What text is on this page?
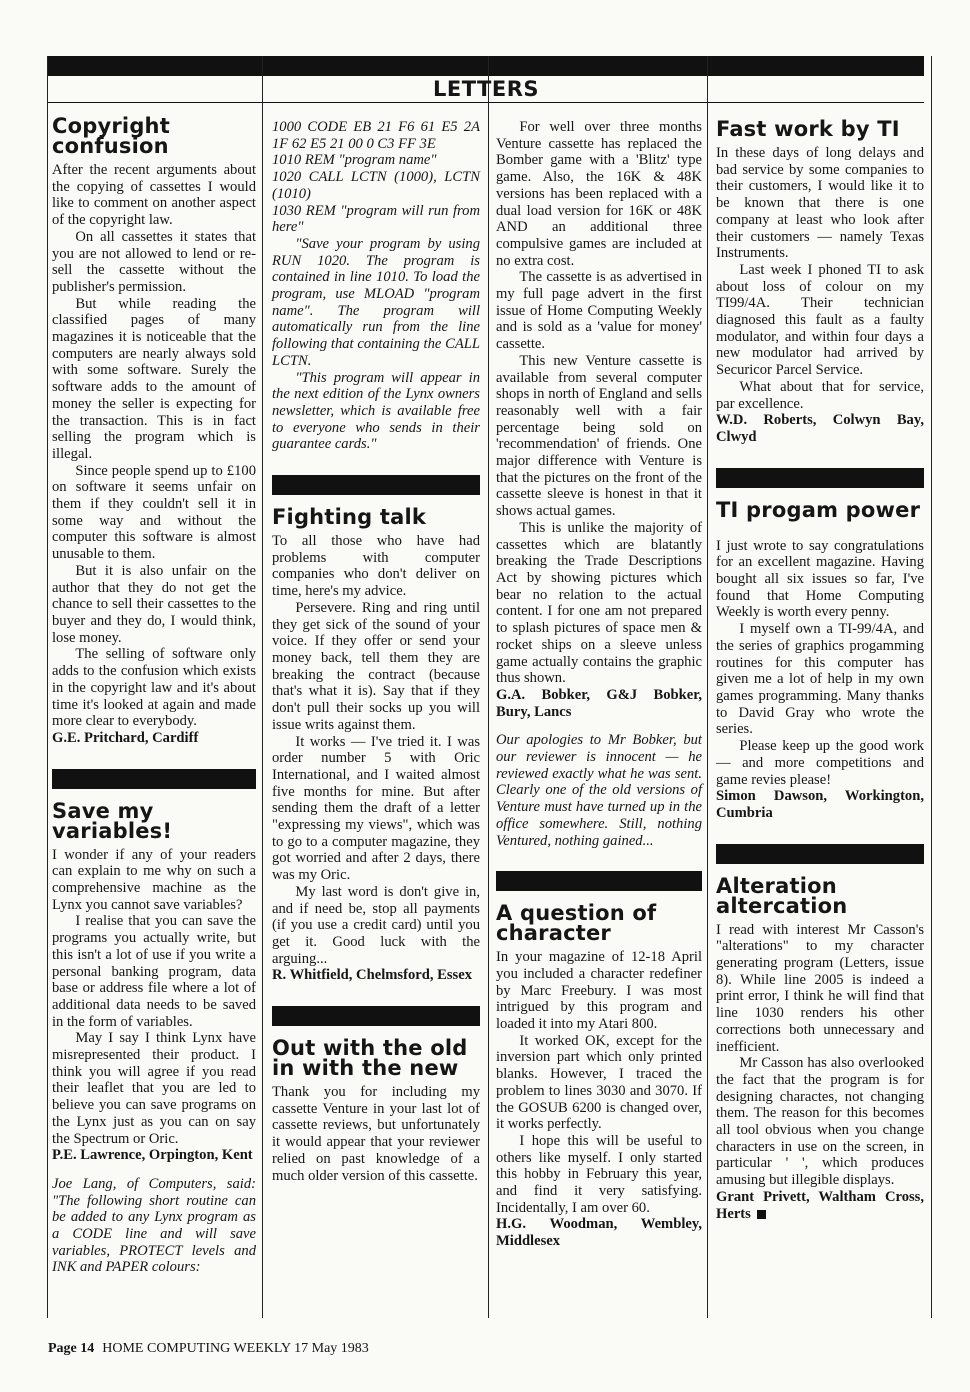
LETTERS
Copyright confusion

After the recent arguments about the copying of cassettes I would like to comment on another aspect of the copyright law.

On all cassettes it states that you are not allowed to lend or re-sell the cassette without the publisher's permission.

But while reading the classified pages of many magazines it is noticeable that the computers are nearly always sold with some software. Surely the software adds to the amount of money the seller is expecting for the transaction. This is in fact selling the program which is illegal.

Since people spend up to £100 on software it seems unfair on them if they couldn't sell it in some way and without the computer this software is almost unusable to them.

But it is also unfair on the author that they do not get the chance to sell their cassettes to the buyer and they do, I would think, lose money.

The selling of software only adds to the confusion which exists in the copyright law and it's about time it's looked at again and made more clear to everybody.

G.E. Pritchard, Cardiff

Save my variables!

I wonder if any of your readers can explain to me why on such a comprehensive machine as the Lynx you cannot save variables?

I realise that you can save the programs you actually write, but this isn't a lot of use if you write a personal banking program, data base or address file where a lot of additional data needs to be saved in the form of variables.

May I say I think Lynx have misrepresented their product. I think you will agree if you read their leaflet that you are led to believe you can save programs on the Lynx just as you can on say the Spectrum or Oric.

P.E. Lawrence, Orpington, Kent

Joe Lang, of Computers, said: "The following short routine can be added to any Lynx program as a CODE line and will save variables, PROTECT levels and INK and PAPER colours:

1000 CODE EB 21 F6 61 E5 2A 1F 62 E5 21 00 0 C3 FF 3E

1010 REM "program name"

1020 CALL LCTN (1000), LCTN (1010)

1030 REM "program will run from here"

"Save your program by using RUN 1020. The program is contained in line 1010. To load the program, use MLOAD "program name". The program will automatically run from the line following that containing the CALL LCTN.

"This program will appear in the next edition of the Lynx owners newsletter, which is available free to everyone who sends in their guarantee cards."

Fighting talk

To all those who have had problems with computer companies who don't deliver on time, here's my advice.

Persevere. Ring and ring until they get sick of the sound of your voice. If they offer or send your money back, tell them they are breaking the contract (because that's what it is). Say that if they don't pull their socks up you will issue writs against them.

It works — I've tried it. I was order number 5 with Oric International, and I waited almost five months for mine. But after sending them the draft of a letter "expressing my views", which was to go to a computer magazine, they got worried and after 2 days, there was my Oric.

My last word is don't give in, and if need be, stop all payments (if you use a credit card) until you get it. Good luck with the arguing...

R. Whitfield, Chelmsford, Essex

Out with the old in with the new

Thank you for including my cassette Venture in your last lot of cassette reviews, but unfortunately it would appear that your reviewer relied on past knowledge of a much older version of this cassette.

For well over three months Venture cassette has replaced the Bomber game with a 'Blitz' type game. Also, the 16K & 48K versions has been replaced with a dual load version for 16K or 48K AND an additional three compulsive games are included at no extra cost.

The cassette is as advertised in my full page advert in the first issue of Home Computing Weekly and is sold as a 'value for money' cassette.

This new Venture cassette is available from several computer shops in north of England and sells reasonably well with a fair percentage being sold on 'recommendation' of friends. One major difference with Venture is that the pictures on the front of the cassette sleeve is honest in that it shows actual games.

This is unlike the majority of cassettes which are blatantly breaking the Trade Descriptions Act by showing pictures which bear no relation to the actual content. I for one am not prepared to splash pictures of space men & rocket ships on a sleeve unless game actually contains the graphic thus shown.

G.A. Bobker, G&J Bobker, Bury, Lancs

Our apologies to Mr Bobker, but our reviewer is innocent — he reviewed exactly what he was sent. Clearly one of the old versions of Venture must have turned up in the office somewhere. Still, nothing Ventured, nothing gained...

A question of character

In your magazine of 12-18 April you included a character redefiner by Marc Freebury. I was most intrigued by this program and loaded it into my Atari 800.

It worked OK, except for the inversion part which only printed blanks. However, I traced the problem to lines 3030 and 3070. If the GOSUB 6200 is changed over, it works perfectly.

I hope this will be useful to others like myself. I only started this hobby in February this year, and find it very satisfying. Incidentally, I am over 60.

H.G. Woodman, Wembley, Middlesex

Fast work by TI

In these days of long delays and bad service by some companies to their customers, I would like it to be known that there is one company at least who look after their customers — namely Texas Instruments.

Last week I phoned TI to ask about loss of colour on my TI99/4A. Their technician diagnosed this fault as a faulty modulator, and within four days a new modulator had arrived by Securicor Parcel Service.

What about that for service, par excellence.

W.D. Roberts, Colwyn Bay, Clwyd

TI progam power

I just wrote to say congratulations for an excellent magazine. Having bought all six issues so far, I've found that Home Computing Weekly is worth every penny.

I myself own a TI-99/4A, and the series of graphics progamming routines for this computer has given me a lot of help in my own games programming. Many thanks to David Gray who wrote the series.

Please keep up the good work — and more competitions and game revies please!

Simon Dawson, Workington, Cumbria

Alteration altercation

I read with interest Mr Casson's "alterations" to my character generating program (Letters, issue 8). While line 2005 is indeed a print error, I think he will find that line 1030 renders his other corrections both unnecessary and inefficient.

Mr Casson has also overlooked the fact that the program is for designing charactes, not changing them. The reason for this becomes all tool obvious when you change characters in use on the screen, in particular ' ', which produces amusing but illegible displays.

Grant Privett, Waltham Cross, Herts

Page 14 HOME COMPUTING WEEKLY 17 May 1983
